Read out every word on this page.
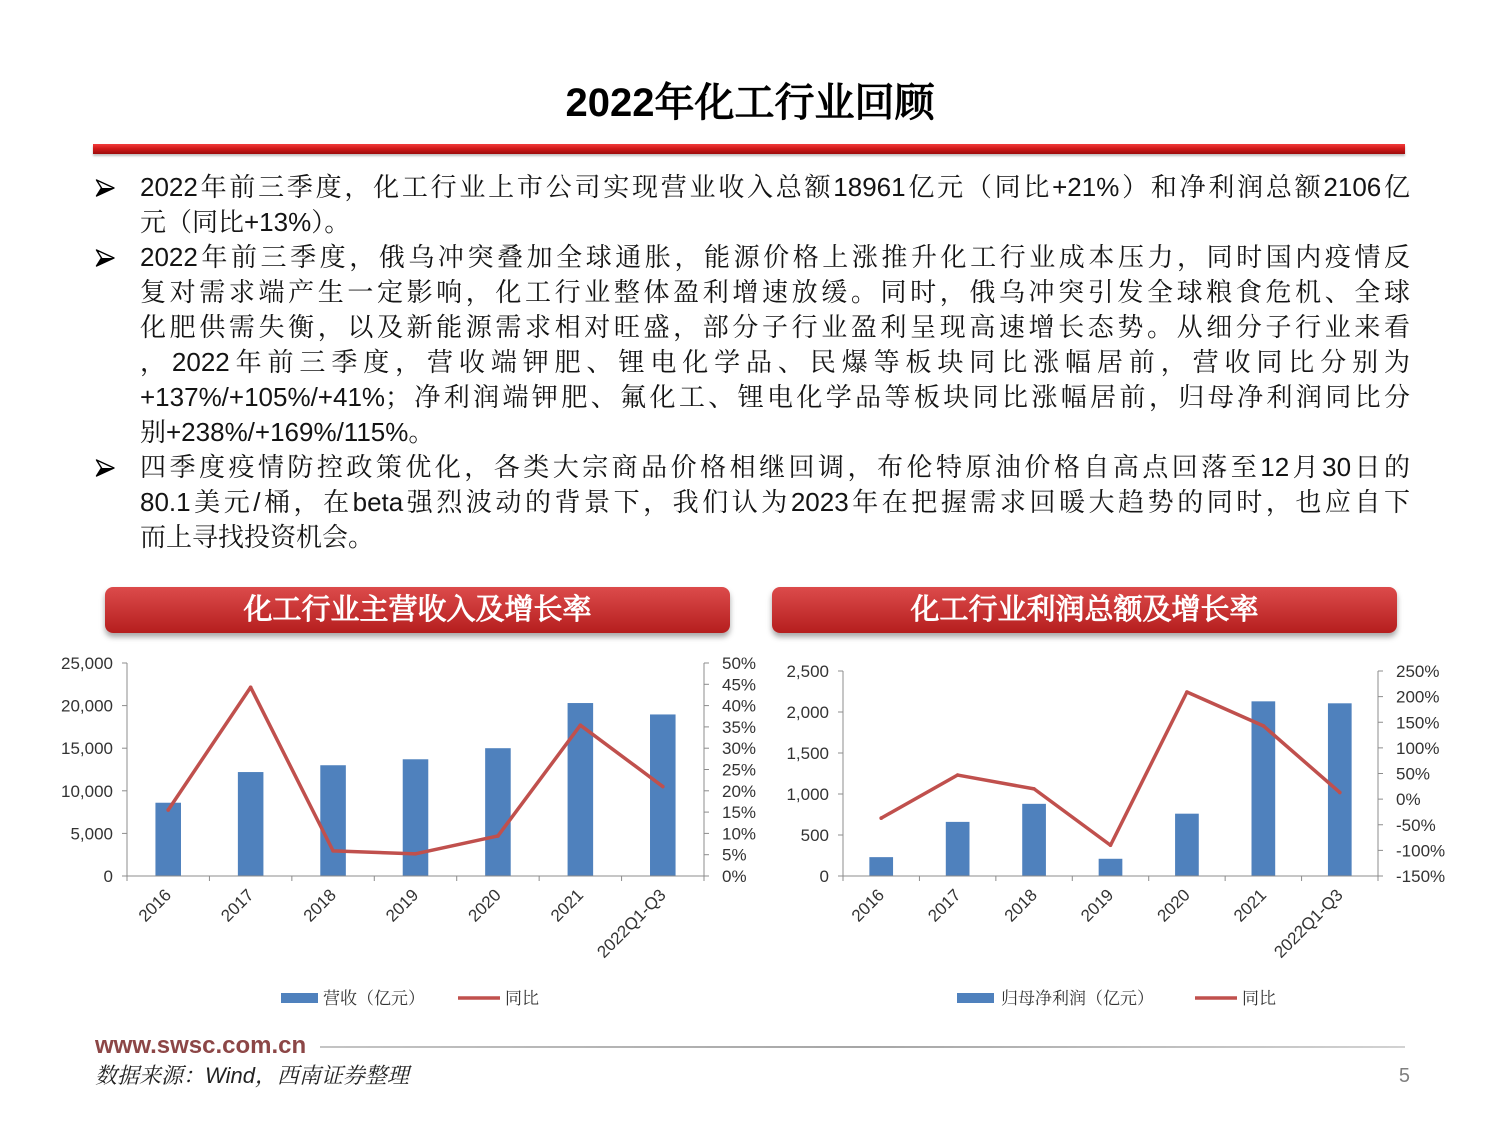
2022年化工行业回顾
2022年前三季度，化工行业上市公司实现营业收入总额18961亿元（同比+21%）和净利润总额2106亿
元（同比+13%）。
2022年前三季度，俄乌冲突叠加全球通胀，能源价格上涨推升化工行业成本压力，同时国内疫情反
复对需求端产生一定影响，化工行业整体盈利增速放缓。同时，俄乌冲突引发全球粮食危机、全球
化肥供需失衡，以及新能源需求相对旺盛，部分子行业盈利呈现高速增长态势。从细分子行业来看
，2022年前三季度，营收端钾肥、锂电化学品、民爆等板块同比涨幅居前，营收同比分别为
+137%/+105%/+41%；净利润端钾肥、氟化工、锂电化学品等板块同比涨幅居前，归母净利润同比分
别+238%/+169%/115%。
四季度疫情防控政策优化，各类大宗商品价格相继回调，布伦特原油价格自高点回落至12月30日的
80.1美元/桶，在beta强烈波动的背景下，我们认为2023年在把握需求回暖大趋势的同时，也应自下
而上寻找投资机会。
化工行业主营收入及增长率	化工行业利润总额及增长率
0
5,000
10,000
15,000
20,000
25,000
0%
5%
10%
15%
20%
25%
30%
35%
40%
45%
50%
2016 2017 2018 2019 2020 2021 2022Q1-Q3
营收（亿元）	同比
0
500
1,000
1,500
2,000
2,500
-150%
-100%
-50%
0%
50%
100%
150%
200%
250%
2016 2017 2018 2019 2020 2021 2022Q1-Q3
归母净利润（亿元）	同比
www.swsc.com.cn
数据来源：Wind，西南证券整理	5
